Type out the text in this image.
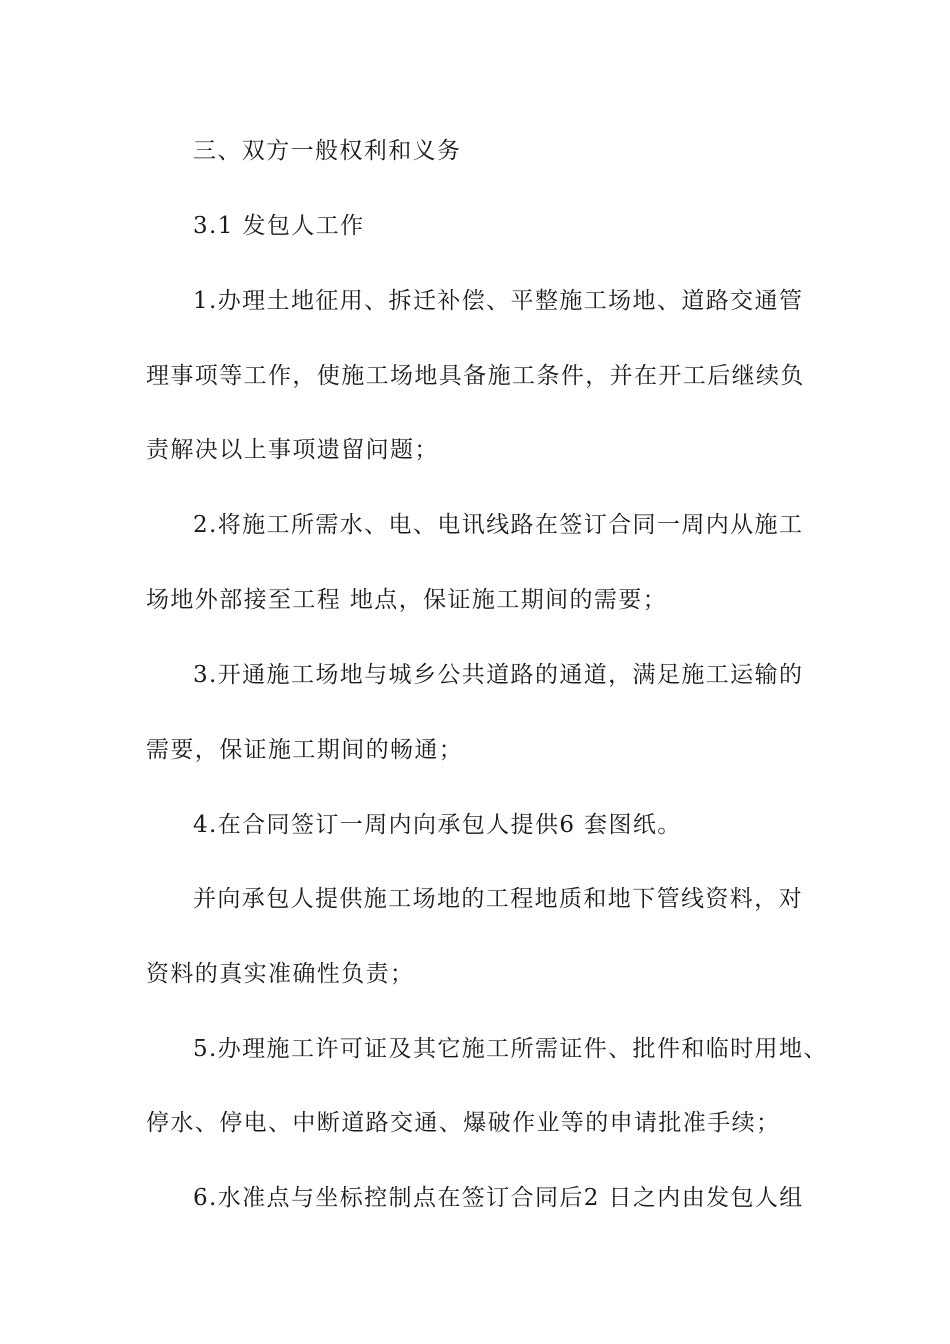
三、双方一般权利和义务
3.1 发包人工作
1.办理土地征用、拆迁补偿、平整施工场地、道路交通管
理事项等工作，使施工场地具备施工条件，并在开工后继续负
责解决以上事项遗留问题；
2.将施工所需水、电、电讯线路在签订合同一周内从施工
场地外部接至工程 地点，保证施工期间的需要；
3.开通施工场地与城乡公共道路的通道，满足施工运输的
需要，保证施工期间的畅通；
4.在合同签订一周内向承包人提供6 套图纸。
并向承包人提供施工场地的工程地质和地下管线资料，对
资料的真实准确性负责；
5.办理施工许可证及其它施工所需证件、批件和临时用地、
停水、停电、中断道路交通、爆破作业等的申请批准手续；
6.水准点与坐标控制点在签订合同后2 日之内由发包人组
